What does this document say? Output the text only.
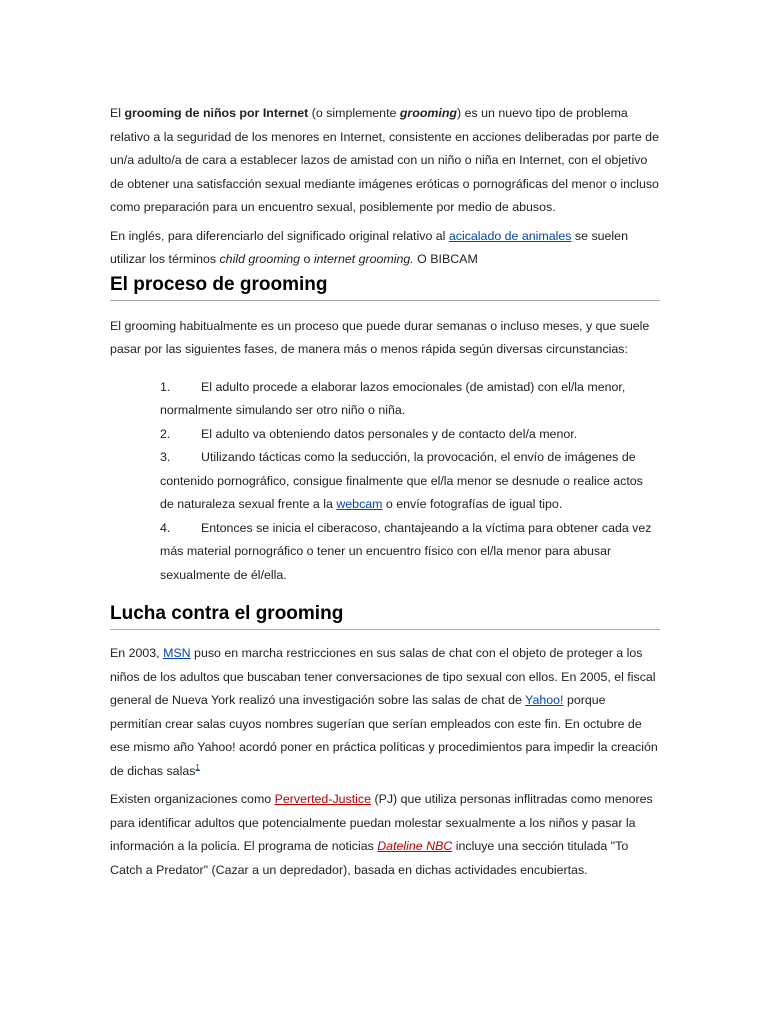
El grooming de niños por Internet (o simplemente grooming) es un nuevo tipo de problema relativo a la seguridad de los menores en Internet, consistente en acciones deliberadas por parte de un/a adulto/a de cara a establecer lazos de amistad con un niño o niña en Internet, con el objetivo de obtener una satisfacción sexual mediante imágenes eróticas o pornográficas del menor o incluso como preparación para un encuentro sexual, posiblemente por medio de abusos.

En inglés, para diferenciarlo del significado original relativo al acicalado de animales se suelen utilizar los términos child grooming o internet grooming. O BIBCAM

El proceso de grooming

El grooming habitualmente es un proceso que puede durar semanas o incluso meses, y que suele pasar por las siguientes fases, de manera más o menos rápida según diversas circunstancias:

1. El adulto procede a elaborar lazos emocionales (de amistad) con el/la menor, normalmente simulando ser otro niño o niña.
2. El adulto va obteniendo datos personales y de contacto del/a menor.
3. Utilizando tácticas como la seducción, la provocación, el envío de imágenes de contenido pornográfico, consigue finalmente que el/la menor se desnude o realice actos de naturaleza sexual frente a la webcam o envíe fotografías de igual tipo.
4. Entonces se inicia el ciberacoso, chantajeando a la víctima para obtener cada vez más material pornográfico o tener un encuentro físico con el/la menor para abusar sexualmente de él/ella.
Lucha contra el grooming

En 2003, MSN puso en marcha restricciones en sus salas de chat con el objeto de proteger a los niños de los adultos que buscaban tener conversaciones de tipo sexual con ellos. En 2005, el fiscal general de Nueva York realizó una investigación sobre las salas de chat de Yahoo! porque permitían crear salas cuyos nombres sugerían que serían empleados con este fin. En octubre de ese mismo año Yahoo! acordó poner en práctica políticas y procedimientos para impedir la creación de dichas salas$^1$

Existen organizaciones como Perverted-Justice (PJ) que utiliza personas inflitradas como menores para identificar adultos que potencialmente puedan molestar sexualmente a los niños y pasar la información a la policía. El programa de noticias Dateline NBC incluye una sección titulada "To Catch a Predator" (Cazar a un depredador), basada en dichas actividades encubiertas.
